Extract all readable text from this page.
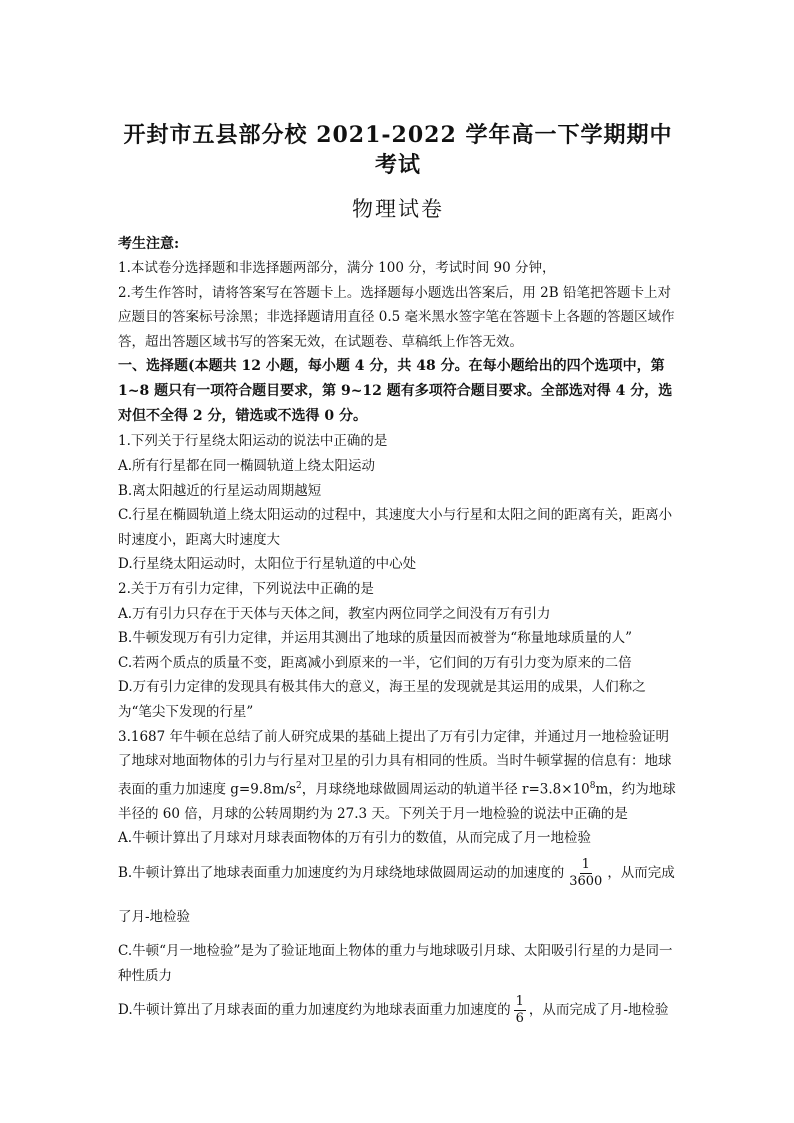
开封市五县部分校 2021-2022 学年高一下学期期中考试
物理试卷
考生注意:

1.本试卷分选择题和非选择题两部分，满分 100 分，考试时间 90 分钟，

2.考生作答时，请将答案写在答题卡上。选择题每小题选出答案后，用 2B 铅笔把答题卡上对应题目的答案标号涂黑；非选择题请用直径 0.5 毫米黑水签字笔在答题卡上各题的答题区域作答，超出答题区域书写的答案无效，在试题卷、草稿纸上作答无效。

一、选择题(本题共 12 小题，每小题 4 分，共 48 分。在每小题给出的四个选项中，第 1~8 题只有一项符合题目要求，第 9~12 题有多项符合题目要求。全部选对得 4 分，选对但不全得 2 分，错选或不选得 0 分。

1.下列关于行星绕太阳运动的说法中正确的是

A.所有行星都在同一椭圆轨道上绕太阳运动

B.离太阳越近的行星运动周期越短

C.行星在椭圆轨道上绕太阳运动的过程中，其速度大小与行星和太阳之间的距离有关，距离小时速度小，距离大时速度大

D.行星绕太阳运动时，太阳位于行星轨道的中心处

2.关于万有引力定律，下列说法中正确的是

A.万有引力只存在于天体与天体之间，教室内两位同学之间没有万有引力

B.牛顿发现万有引力定律，并运用其测出了地球的质量因而被誉为“称量地球质量的人”

C.若两个质点的质量不变，距离减小到原来的一半，它们间的万有引力变为原来的二倍

D.万有引力定律的发现具有极其伟大的意义，海王星的发现就是其运用的成果，人们称之为“笔尖下发现的行星”

3.1687 年牛顿在总结了前人研究成果的基础上提出了万有引力定律，并通过月一地检验证明了地球对地面物体的引力与行星对卫星的引力具有相同的性质。当时牛顿掌握的信息有：地球表面的重力加速度 $g=9.8m/s^2$，月球绕地球做圆周运动的轨道半径 $r=3.8\times 10^8m$，约为地球半径的 60 倍，月球的公转周期约为 27.3 天。下列关于月一地检验的说法中正确的是

A.牛顿计算出了月球对月球表面物体的万有引力的数值，从而完成了月一地检验

B.牛顿计算出了地球表面重力加速度约为月球绕地球做圆周运动的加速度的 $\frac{1}{3600}$ ，从而完成了月-地检验

C.牛顿“月一地检验”是为了验证地面上物体的重力与地球吸引月球、太阳吸引行星的力是同一种性质力

D.牛顿计算出了月球表面的重力加速度约为地球表面重力加速度的 $\frac{1}{6}$ ，从而完成了月-地检验
